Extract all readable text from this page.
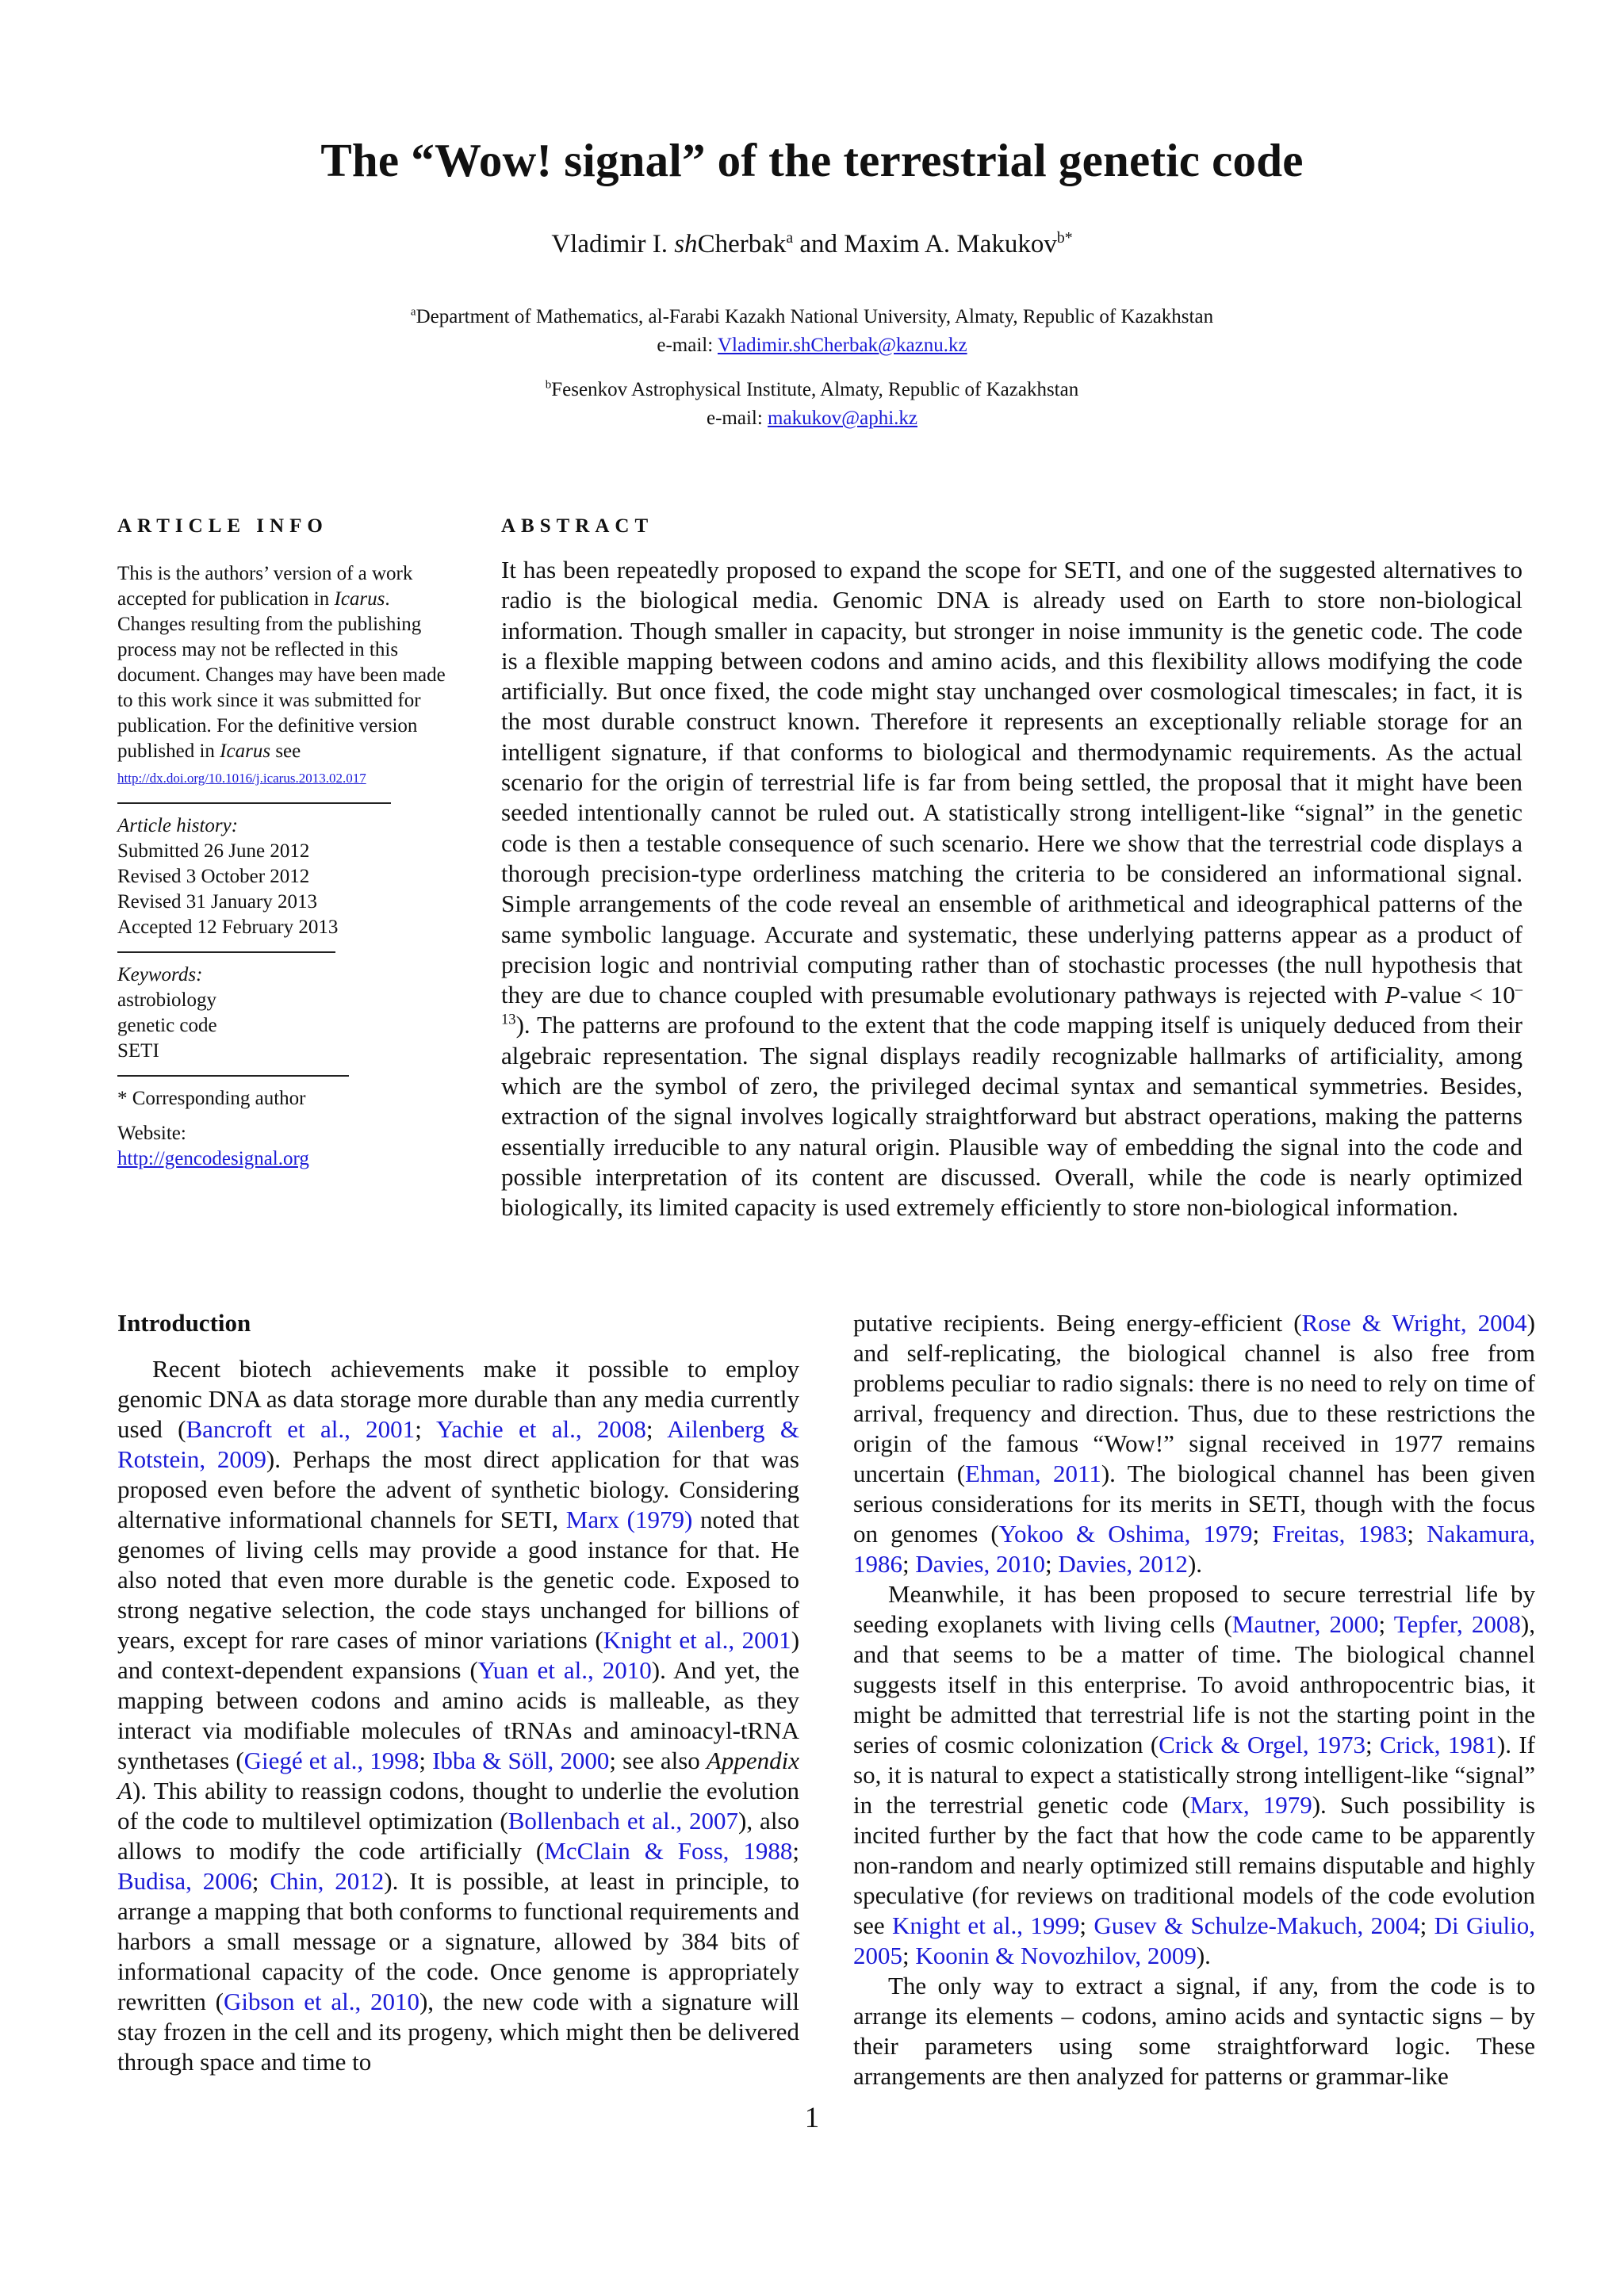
The “Wow! signal” of the terrestrial genetic code
Vladimir I. shCherbak$^a$ and Maxim A. Makukov$^{b*}$
$^a$Department of Mathematics, al-Farabi Kazakh National University, Almaty, Republic of Kazakhstan
e-mail: Vladimir.shCherbak@kaznu.kz
$^b$Fesenkov Astrophysical Institute, Almaty, Republic of Kazakhstan
e-mail: makukov@aphi.kz
ARTICLE INFO	ABSTRACT

This is the authors’ version of a work accepted for publication in Icarus. Changes resulting from the publishing process may not be reflected in this document. Changes may have been made to this work since it was submitted for publication. For the definitive version published in Icarus see

http://dx.doi.org/10.1016/j.icarus.2013.02.017

Article history:

Submitted 26 June 2012

Revised 3 October 2012

Revised 31 January 2013

Accepted 12 February 2013

Keywords:

astrobiology

genetic code

SETI

* Corresponding author

Website:

http://gencodesignal.org

It has been repeatedly proposed to expand the scope for SETI, and one of the suggested alternatives to radio is the biological media. Genomic DNA is already used on Earth to store non-biological information. Though smaller in capacity, but stronger in noise immunity is the genetic code. The code is a flexible mapping between codons and amino acids, and this flexibility allows modifying the code artificially. But once fixed, the code might stay unchanged over cosmological timescales; in fact, it is the most durable construct known. Therefore it represents an exceptionally reliable storage for an intelligent signature, if that conforms to biological and thermodynamic requirements. As the actual scenario for the origin of terrestrial life is far from being settled, the proposal that it might have been seeded intentionally cannot be ruled out. A statistically strong intelligent-like “signal” in the genetic code is then a testable consequence of such scenario. Here we show that the terrestrial code displays a thorough precision-type orderliness matching the criteria to be considered an informational signal. Simple arrangements of the code reveal an ensemble of arithmetical and ideographical patterns of the same symbolic language. Accurate and systematic, these underlying patterns appear as a product of precision logic and nontrivial computing rather than of stochastic processes (the null hypothesis that they are due to chance coupled with presumable evolutionary pathways is rejected with P-value < $10^{-13}$). The patterns are profound to the extent that the code mapping itself is uniquely deduced from their algebraic representation. The signal displays readily recognizable hallmarks of artificiality, among which are the symbol of zero, the privileged decimal syntax and semantical symmetries. Besides, extraction of the signal involves logically straightforward but abstract operations, making the patterns essentially irreducible to any natural origin. Plausible way of embedding the signal into the code and possible interpretation of its content are discussed. Overall, while the code is nearly optimized biologically, its limited capacity is used extremely efficiently to store non-biological information.

Introduction

Recent biotech achievements make it possible to employ genomic DNA as data storage more durable than any media currently used (Bancroft et al., 2001; Yachie et al., 2008; Ailenberg & Rotstein, 2009). Perhaps the most direct application for that was proposed even before the advent of synthetic biology. Considering alternative informational channels for SETI, Marx (1979) noted that genomes of living cells may provide a good instance for that. He also noted that even more durable is the genetic code. Exposed to strong negative selection, the code stays unchanged for billions of years, except for rare cases of minor variations (Knight et al., 2001) and context-dependent expansions (Yuan et al., 2010). And yet, the mapping between codons and amino acids is malleable, as they interact via modifiable molecules of tRNAs and aminoacyl-tRNA synthetases (Giegé et al., 1998; Ibba & Söll, 2000; see also Appendix A). This ability to reassign codons, thought to underlie the evolution of the code to multilevel optimization (Bollenbach et al., 2007), also allows to modify the code artificially (McClain & Foss, 1988; Budisa, 2006; Chin, 2012). It is possible, at least in principle, to arrange a mapping that both conforms to functional requirements and harbors a small message or a signature, allowed by 384 bits of informational capacity of the code. Once genome is appropriately rewritten (Gibson et al., 2010), the new code with a signature will stay frozen in the cell and its progeny, which might then be delivered through space and time to

putative recipients. Being energy-efficient (Rose & Wright, 2004) and self-replicating, the biological channel is also free from problems peculiar to radio signals: there is no need to rely on time of arrival, frequency and direction. Thus, due to these restrictions the origin of the famous “Wow!” signal received in 1977 remains uncertain (Ehman, 2011). The biological channel has been given serious considerations for its merits in SETI, though with the focus on genomes (Yokoo & Oshima, 1979; Freitas, 1983; Nakamura, 1986; Davies, 2010; Davies, 2012).

Meanwhile, it has been proposed to secure terrestrial life by seeding exoplanets with living cells (Mautner, 2000; Tepfer, 2008), and that seems to be a matter of time. The biological channel suggests itself in this enterprise. To avoid anthropocentric bias, it might be admitted that terrestrial life is not the starting point in the series of cosmic colonization (Crick & Orgel, 1973; Crick, 1981). If so, it is natural to expect a statistically strong intelligent-like “signal” in the terrestrial genetic code (Marx, 1979). Such possibility is incited further by the fact that how the code came to be apparently non-random and nearly optimized still remains disputable and highly speculative (for reviews on traditional models of the code evolution see Knight et al., 1999; Gusev & Schulze-Makuch, 2004; Di Giulio, 2005; Koonin & Novozhilov, 2009).

The only way to extract a signal, if any, from the code is to arrange its elements – codons, amino acids and syntactic signs – by their parameters using some straightforward logic. These arrangements are then analyzed for patterns or grammar-like

1
